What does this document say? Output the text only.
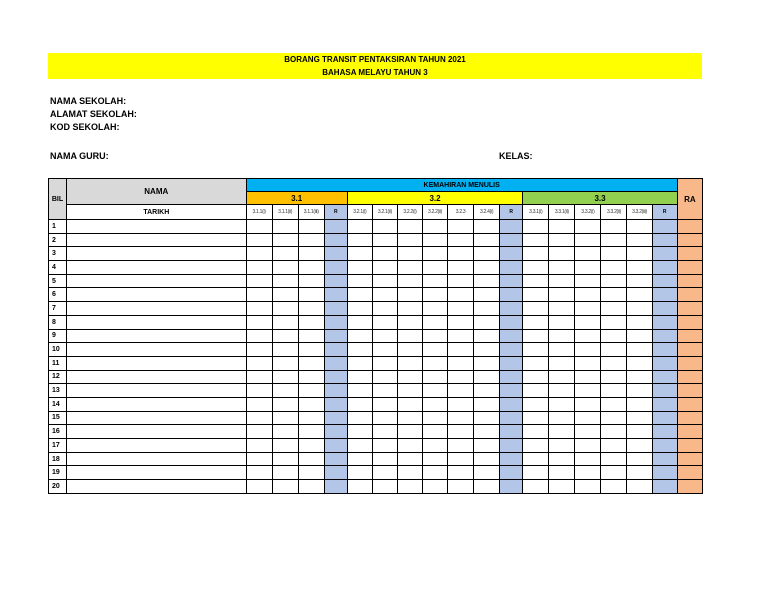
BORANG TRANSIT PENTAKSIRAN TAHUN 2021
BAHASA MELAYU TAHUN 3
NAMA SEKOLAH:
ALAMAT SEKOLAH:
KOD SEKOLAH:
NAMA GURU:	KELAS:
BIL	NAMA	KEMAHIRAN MENULIS																	RA
		3.1				3.2							3.3						
		3.1.1(i)	3.1.1(ii)	3.1.1(iii)	R	3.2.1(i)	3.2.1(ii)	3.2.2(i)	3.2.2(ii)	3.2.3	3.2.4(i)	R	3.3.1(i)	3.3.1(ii)	3.3.2(i)	3.3.2(ii)	3.3.2(iii)	R	
	TARIKH																		
1																			
2																			
3																			
4																			
5																			
6																			
7																			
8																			
9																			
10																			
11																			
12																			
13																			
14																			
15																			
16																			
17																			
18																			
19																			
20																			
